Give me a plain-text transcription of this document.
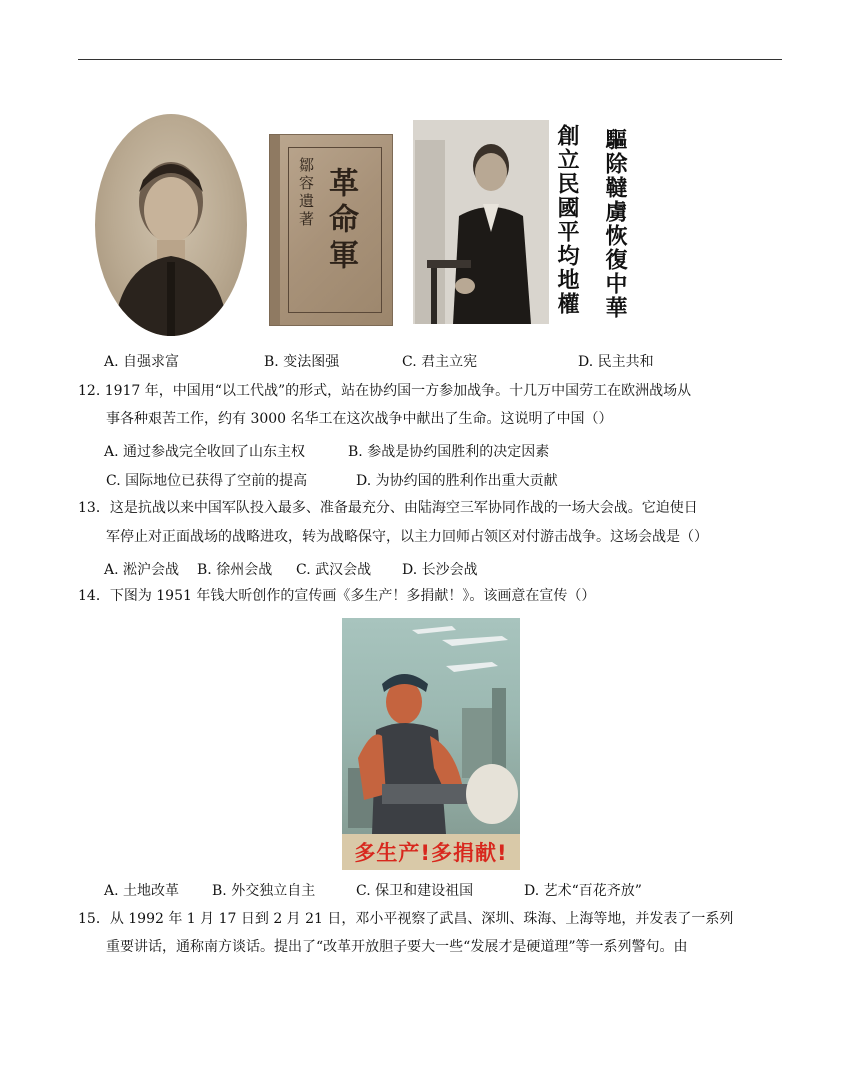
鄒容遺著 革命軍	創立民國平均地權 驅除韃虜恢復中華
A. 自强求富	B. 变法图强	C. 君主立宪	D. 民主共和
12. 1917 年，中国用“以工代战”的形式，站在协约国一方参加战争。十几万中国劳工在欧洲战场从
事各种艰苦工作，约有 3000 名华工在这次战争中献出了生命。这说明了中国（）
A. 通过参战完全收回了山东主权	B. 参战是协约国胜利的决定因素
C. 国际地位已获得了空前的提高	D. 为协约国的胜利作出重大贡献
13．这是抗战以来中国军队投入最多、准备最充分、由陆海空三军协同作战的一场大会战。它迫使日
军停止对正面战场的战略进攻，转为战略保守，以主力回师占领区对付游击战争。这场会战是（）
A. 淞沪会战 B. 徐州会战 C. 武汉会战 D. 长沙会战
14．下图为 1951 年钱大昕创作的宣传画《多生产！多捐献！》。该画意在宣传（）
多生产!多捐献!
A. 土地改革 B. 外交独立自主	C. 保卫和建设祖国	D. 艺术“百花齐放”
15．从 1992 年 1 月 17 日到 2 月 21 日，邓小平视察了武昌、深圳、珠海、上海等地，并发表了一系列
重要讲话，通称南方谈话。提出了“改革开放胆子要大一些“发展才是硬道理”等一系列警句。由
